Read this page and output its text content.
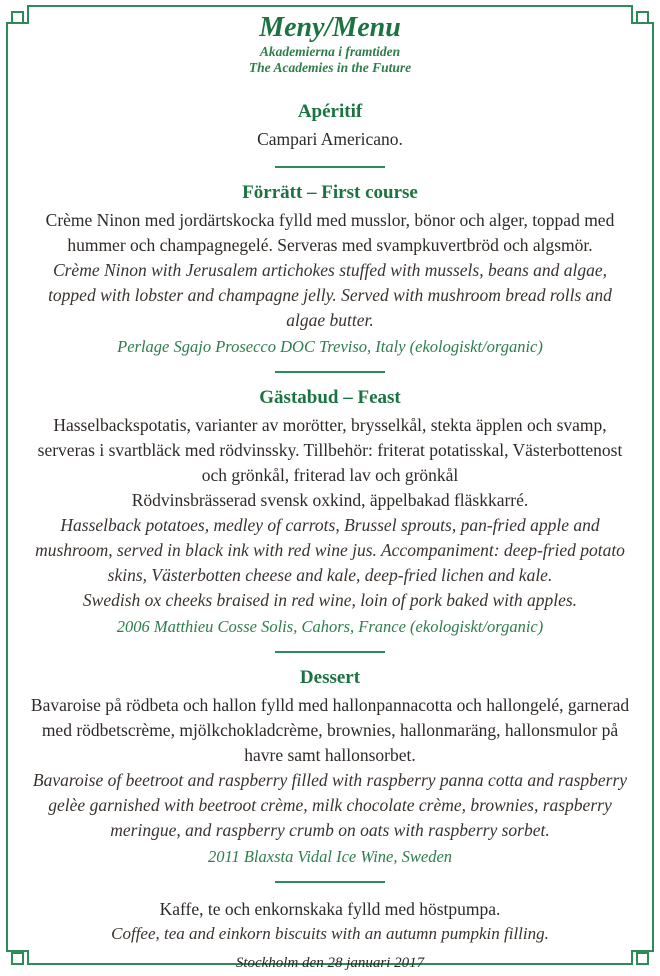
Meny/Menu

Akademierna i framtiden

The Academies in the Future

Apéritif

Campari Americano.

Förrätt – First course

Crème Ninon med jordärtskocka fylld med musslor, bönor och alger, toppad med hummer och champagnegelé. Serveras med svampkuvertbröd och algsmör.

Crème Ninon with Jerusalem artichokes stuffed with mussels, beans and algae, topped with lobster and champagne jelly. Served with mushroom bread rolls and algae butter.

Perlage Sgajo Prosecco DOC Treviso, Italy (ekologiskt/organic)

Gästabud – Feast

Hasselbackspotatis, varianter av morötter, brysselkål, stekta äpplen och svamp, serveras i svartbläck med rödvinssky. Tillbehör: friterat potatisskal, Västerbottenost och grönkål, friterad lav och grönkål

Rödvinsbrässerad svensk oxkind, äppelbakad fläskkarré.

Hasselback potatoes, medley of carrots, Brussel sprouts, pan-fried apple and mushroom, served in black ink with red wine jus. Accompaniment: deep-fried potato skins, Västerbotten cheese and kale, deep-fried lichen and kale.

Swedish ox cheeks braised in red wine, loin of pork baked with apples.

2006 Matthieu Cosse Solis, Cahors, France (ekologiskt/organic)

Dessert

Bavaroise på rödbeta och hallon fylld med hallonpannacotta och hallongelé, garnerad med rödbetscrème, mjölkchokladcrème, brownies, hallonmaräng, hallonsmulor på havre samt hallonsorbet.

Bavaroise of beetroot and raspberry filled with raspberry panna cotta and raspberry gelèe garnished with beetroot crème, milk chocolate crème, brownies, raspberry meringue, and raspberry crumb on oats with raspberry sorbet.

2011 Blaxsta Vidal Ice Wine, Sweden

Kaffe, te och enkornskaka fylld med höstpumpa.

Coffee, tea and einkorn biscuits with an autumn pumpkin filling.

Stockholm den 28 januari 2017
